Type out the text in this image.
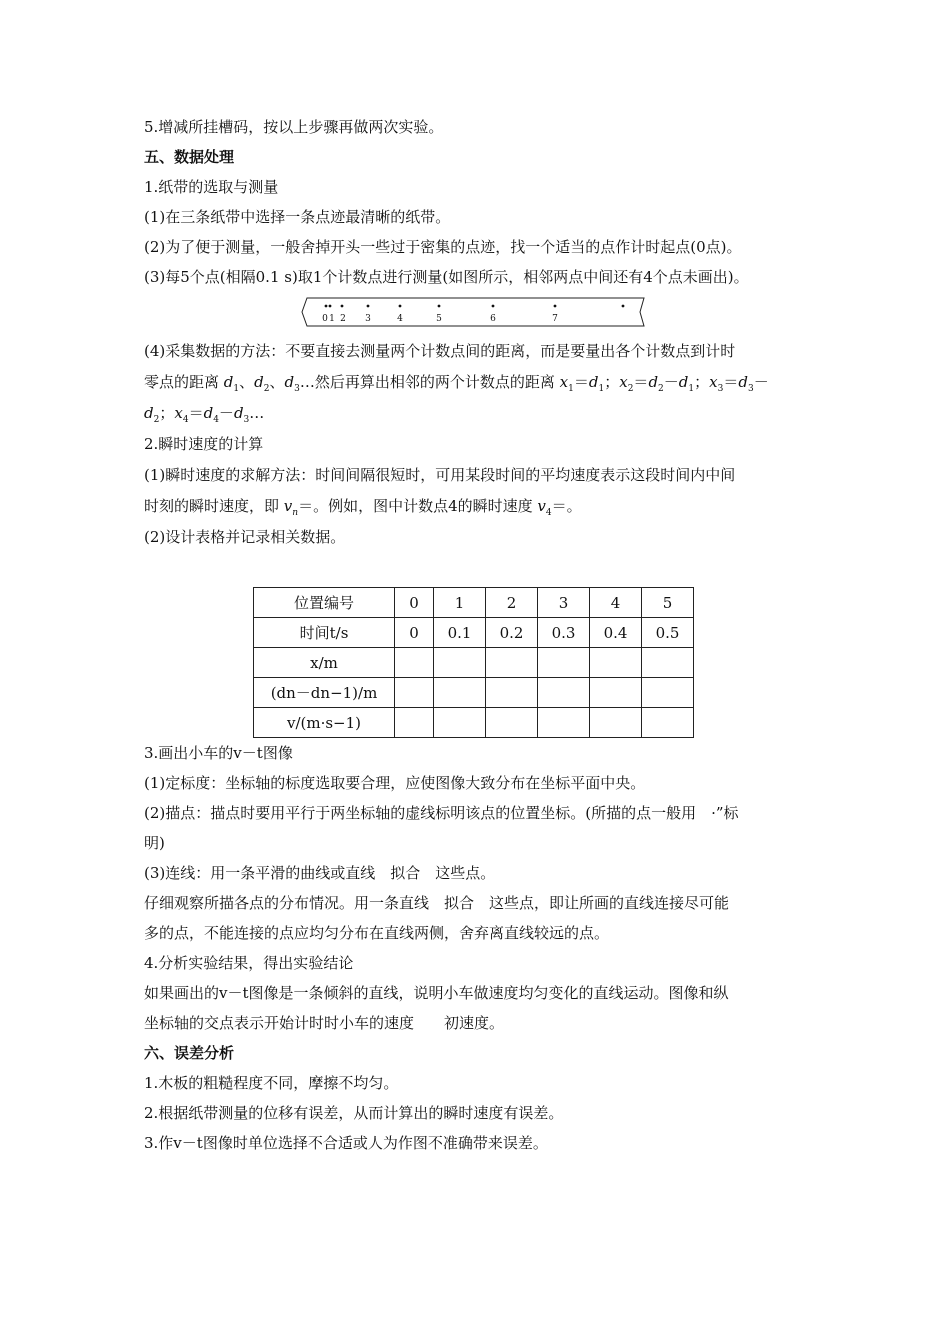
5.增减所挂槽码，按以上步骤再做两次实验。
五、数据处理
1.纸带的选取与测量
(1)在三条纸带中选择一条点迹最清晰的纸带。
(2)为了便于测量，一般舍掉开头一些过于密集的点迹，找一个适当的点作计时起点(0点)。
(3)每5个点(相隔0.1 s)取1个计数点进行测量(如图所示，相邻两点中间还有4个点未画出)。
0 1 2 3	4	5	6	7
(4)采集数据的方法：不要直接去测量两个计数点间的距离，而是要量出各个计数点到计时
零点的距离 $d_1$、$d_2$、$d_3\dots$然后再算出相邻的两个计数点的距离 $x_1=d_1$；$x_2=d_2-d_1$；$x_3=d_3-$
$d_2$；$x_4=d_4-d_3\dots$
2.瞬时速度的计算
(1)瞬时速度的求解方法：时间间隔很短时，可用某段时间的平均速度表示这段时间内中间
时刻的瞬时速度，即 $v_n=$。例如，图中计数点4的瞬时速度 $v_4=$。
(2)设计表格并记录相关数据。
位置编号	0	1	2	3	4	5
时间t/s	0	0.1	0.2	0.3	0.4	0.5
x/m						
(dn－dn−1)/m						
v/(m·s−1)						
3.画出小车的v－t图像
(1)定标度：坐标轴的标度选取要合理，应使图像大致分布在坐标平面中央。
(2)描点：描点时要用平行于两坐标轴的虚线标明该点的位置坐标。(所描的点一般用　·”标
明)
(3)连线：用一条平滑的曲线或直线　拟合　这些点。
仔细观察所描各点的分布情况。用一条直线　拟合　这些点，即让所画的直线连接尽可能
多的点，不能连接的点应均匀分布在直线两侧，舍弃离直线较远的点。
4.分析实验结果，得出实验结论
如果画出的v－t图像是一条倾斜的直线，说明小车做速度均匀变化的直线运动。图像和纵
坐标轴的交点表示开始计时时小车的速度　　初速度。
六、误差分析
1.木板的粗糙程度不同，摩擦不均匀。
2.根据纸带测量的位移有误差，从而计算出的瞬时速度有误差。
3.作v－t图像时单位选择不合适或人为作图不准确带来误差。
